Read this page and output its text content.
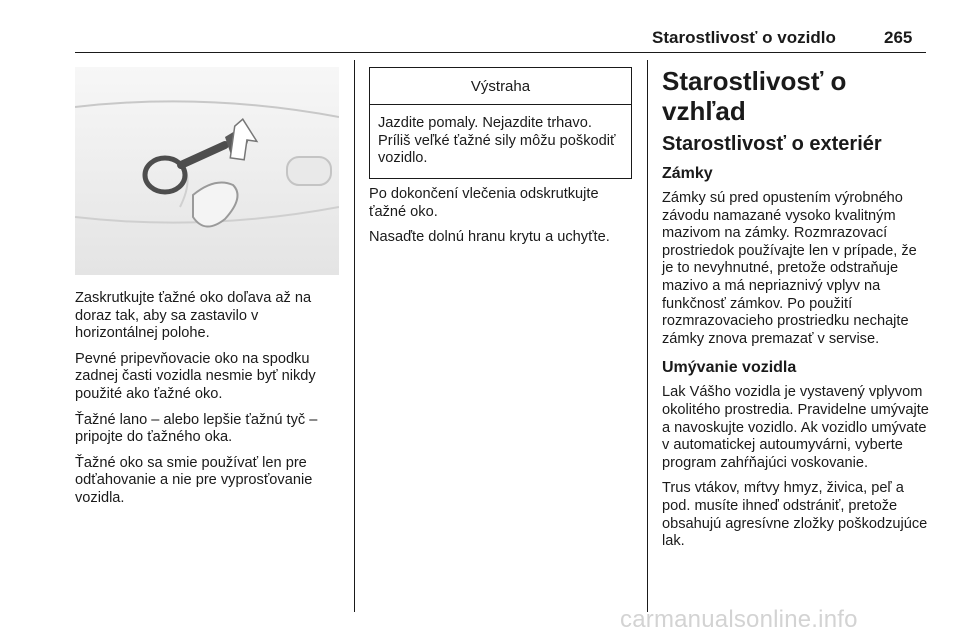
Starostlivosť o vozidlo	265

Zaskrutkujte ťažné oko doľava až na doraz tak, aby sa zastavilo v horizontálnej polohe.

Pevné pripevňovacie oko na spodku zadnej časti vozidla nesmie byť nikdy použité ako ťažné oko.

Ťažné lano – alebo lepšie ťažnú tyč – pripojte do ťažného oka.

Ťažné oko sa smie používať len pre odťahovanie a nie pre vyprosťovanie vozidla.

Výstraha
Jazdite pomaly. Nejazdite trhavo. Príliš veľké ťažné sily môžu poškodiť vozidlo.

Po dokončení vlečenia odskrutkujte ťažné oko.

Nasaďte dolnú hranu krytu a uchyťte.

Starostlivosť o vzhľad
Starostlivosť o exteriér
Zámky

Zámky sú pred opustením výrobného závodu namazané vysoko kvalitným mazivom na zámky. Rozmrazovací prostriedok používajte len v prípade, že je to nevyhnutné, pretože odstraňuje mazivo a má nepriaznivý vplyv na funkčnosť zámkov. Po použití rozmrazovacieho prostriedku nechajte zámky znova premazať v servise.

Umývanie vozidla

Lak Vášho vozidla je vystavený vplyvom okolitého prostredia. Pravidelne umývajte a navoskujte vozidlo. Ak vozidlo umývate v automatickej autoumyvárni, vyberte program zahŕňajúci voskovanie.

Trus vtákov, mŕtvy hmyz, živica, peľ a pod. musíte ihneď odstrániť, pretože obsahujú agresívne zložky poškodzujúce lak.

carmanualsonline.info
